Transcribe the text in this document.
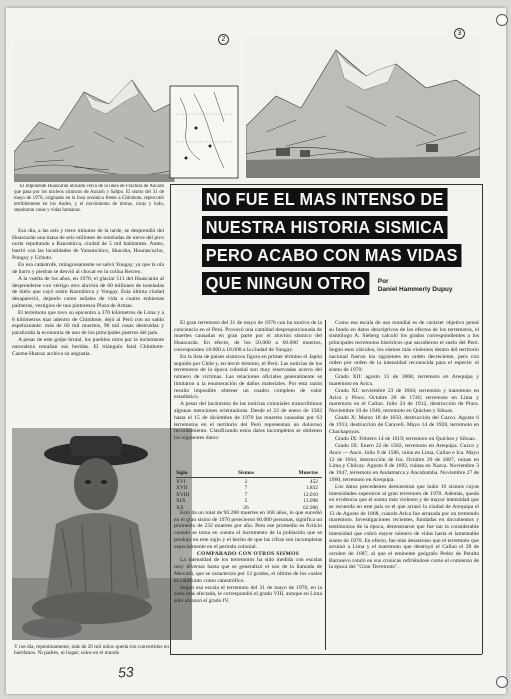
2
3

El imponente Huascarán ubicado cerca de la línea de Fractura de Ancash que pasa por los núcleos sísmicos de Ancash y Saltpo. El sismo del 31 de mayo de 1970, originado en la fosa oceánica frente a Chimbote, repercutió terriblemente en los Andes, y el movimiento de tierras, rocas y lodo, sepultaron casas y vidas humanas.

Eso dia, a las seis y trece minutos de la tarde, se desprendió del Huascarán una masa de seis millones de toneladas de nieve del pico norte repultando a Ranrahirca, ciudad de 5 mil habitantes. Antes, barrió con las localidades de Yanamchico, Shacsha, Huarascucho, Pongoy y Uchuto.

En esa catástrofe, milagrosamente se salvó Yungay, ya que la ola de barro y piedras se desvió al chocar en la colina Recreo.

A la vuelta de los años, en 1970, el glaciar 511 del Huascarán al desprenderse con vértigo otro aluvión de 60 millones de toneladas de hielo que cayó sobre Ranrahirca y Yungay. Esta última ciudad desapareció, dejando como señales de vida a cuatro enhiestas palmeras, vestigios de una pintoresca Plaza de Armas.

El terremoto que tuvo su epicentro a 370 kilómetros de Lima y a 8 kilómetros mar adentro de Chimbote, dejó al Perú con un saldo espeluznante: más de 60 mil muertos, 90 mil casas destruidas y paralizada la economía de uno de los principales puertos del país.

A pesar de este golpe brutal, los pueblos rotos por la inclemente naturaleza restañan sus heridas. El triángulo fatal Chimbote-Casma-Huaraz archiva su angustia.

Y roe día, repentinamente, más de 20 mil niños queda ron convertidos en huérfanos. Ni padres, ni hogar; solos en el mundo
53
NO FUE EL MAS INTENSO DE
NUESTRA HISTORIA SISMICA
PERO ACABO CON MAS VIDAS
QUE NINGUN OTRO Por
Daniel Hammerly Dupuy

El gran terremoto del 31 de mayo de 1970 con ha motivo de la conciencia en el Perú. Provocó una cantidad desproporcionada de muertes causadas en gran parte por el aluvión sísmico del Huascarán. En efecto, de los 50.000 a 60.000 muertos, corresponden 18.000 a 18.000 a la ciudad de Yungay.

En la lista de países sísmicos figura en primer término el Japón seguido por Chile y, en tercer término, el Perú. Las noticias de los terremotos de la época colonial son muy reservadas acerca del número de víctimas. Las relaciones oficiales generalmente se limitaron a la enumeración de daños materiales. Por esta razón resulta imposible obtener un cuadro completo de valor estadístico.

A pesar del lacónismo de las noticias coloniales transcribimos algunas menciones orientadoras. Desde el 22 de enero de 1582 hasta el 15 de diciembre de 1970 las muertes causadas por 63 terremotos en el territorio del Perú representan un doloroso recordamiento. Clasificando estos datos incompletos se obtienen los siguientes datos:

Siglo	Sismos	Muertos
XVI	2	452
XVII	7	1.832
XVIII	7	12.010
XIX	5	13.098
XX	26	62.906

Esto da un total de 90.288 muertes en 368 años, lo que sucedió en el gran sismo de 1970 perecieron 60.000 personas, significa un promedio de 232 muertes por año. Pero ese promedio es ficticio cuando se toma en cuenta el incremento de la población que se produjo en este siglo y el hecho de que las cifras son incompletas especialmente en el periodo colonial.

COMPARADO CON OTROS SISMOS

La intensidad de los terremotos ha sido medida con escalas muy diversas hasta que se generalizó el uso de la llamada de Mercalli, que se caracteriza por 12 grados, el último de los cuales es calificado como catastrófico.

Según esa escala el terremoto del 31 de mayo de 1970, en la zona más afectada, le correspondió el grado VIII, aunque en Lima sólo alcanzó el grado IV.

Como esa escala de uso mundial es de carácter objetivo pensé su fundo en datos descriptivos de los efectos de los terremotos, el sismólogo A. Sieberg calculó los grados correspondientes a los principales terremotos históricos que sacudieron el suelo del Perú. Según esos cálculos, los sismos más violentos dentro del territorio nacional fueron los siguientes en orden decreciente, pero con orden por orden de la intensidad reconocida para el especie: el sismo de 1970:

Grado XII: agosto 13 de 1868; terremoto en Arequipa y maremoto en Arica.

Grado XI: noviembre 23 de 1604; terremoto y maremoto en Arica y Pisco. Octubre 28 de 1746; terremoto en Lima y maremoto en el Callao. Julio 24 de 1912, destrucción de Piura. Noviembre 10 de 1946, terremoto en Quiches y Sihuas.

Grado X: Marzo 18 de 1650, destrucción del Cuzco. Agosto 6 de 1913, destrucción de Caraveli. Mayo 14 de 1928, terremoto en Chachapoyas.

Grado IX: Febrero 14 de 1619; terremoto en Quiches y Sihuas.

Grado IX: Enero 22 de 1582, terremoto en Arequipa. Cuzco y Anco — Anco. Julio 9 de 1586, ruina en Lima, Callao e Ica. Mayo 12 de 1664, destrucción de Ica. Octubre 20 de 1687, ruinas en Lima y Chilcay. Agosto 8 de 1692, ruinas en Nazca. Noviembre 3 de 1947, terremoto en Andamarca y Ancobamba. Noviembre 27 de 1960, terremoto en Arequipa.

Los datos precedentes demuestran que hubo 16 sismos cuyas intensidades superaron al gran terremoto de 1970. Además, queda en evidencia que el sismo más violento y de mayor intensidad que se recuerda en este país es el que arrasó la ciudad de Arequipa el 13 de Agosto de 1868, cuando Arica fue arrasada por un tremendo maremoto. Investigaciones recientes, fundadas en documentos y testimonios de la época, demostraron que fue tan la considerable intensidad que cobró mayor número de vidas hasta el lamentable sismo de 1970. En efecto, fue más desastroso que el terremoto que arruinó a Lima y el maremoto que destruyó el Callao el 28 de octubre de 1687, al que el eminente geógrafo Pedro de Peralta Barnuevo rotuló en sus cronicas refiriéndose como el comienzo de la época del "Gran Terremoto".
